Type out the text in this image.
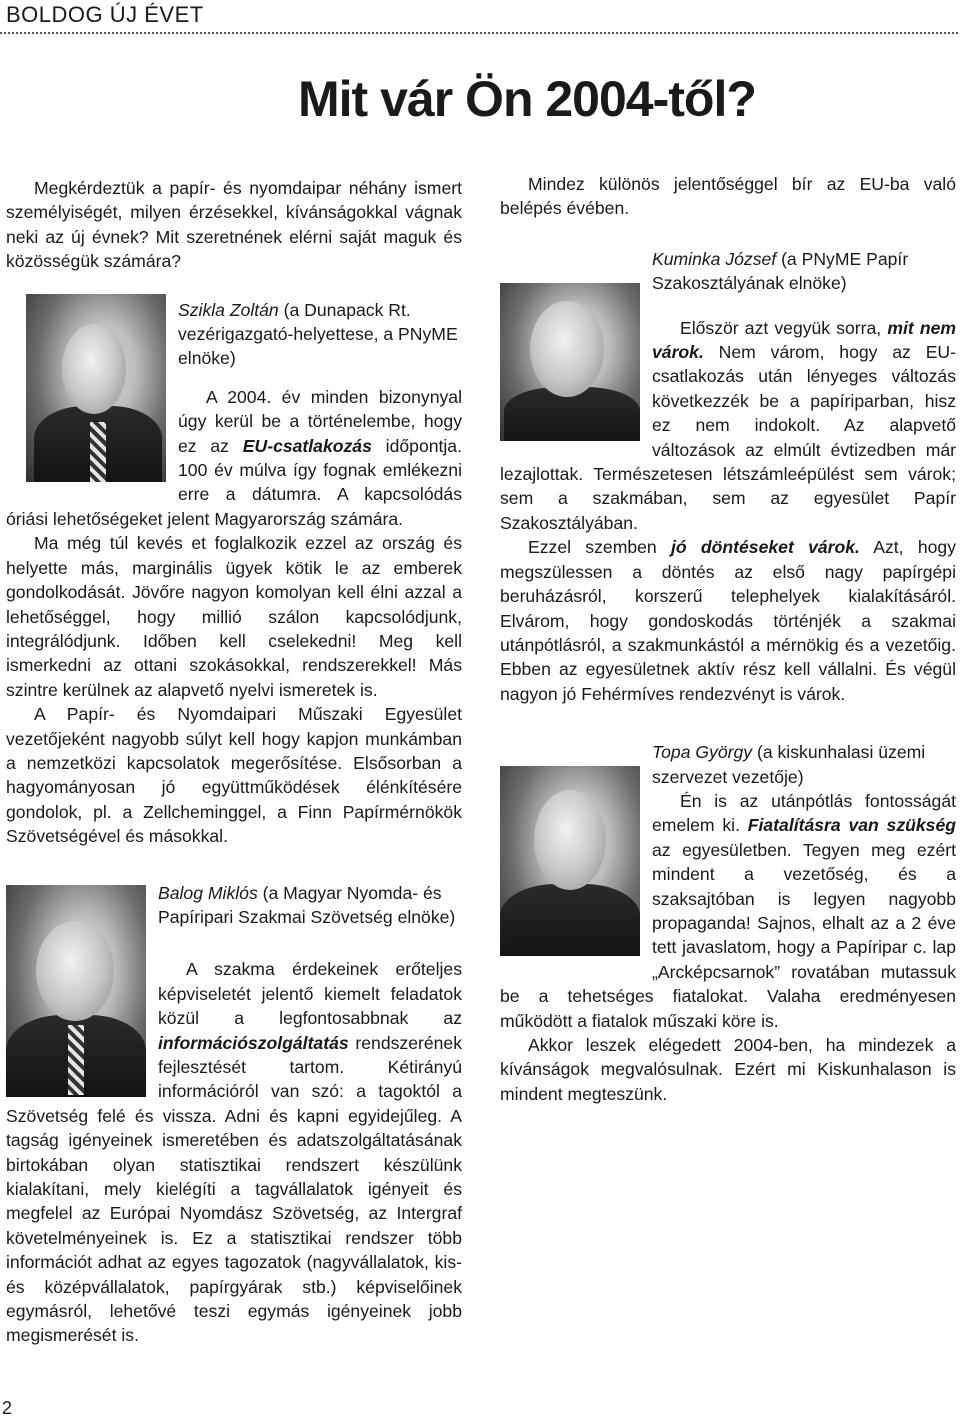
BOLDOG ÚJ ÉVET
Mit vár Ön 2004-től?

Megkérdeztük a papír- és nyomdaipar néhány ismert személyiségét, milyen érzésekkel, kívánságokkal vágnak neki az új évnek? Mit szeretnének elérni saját maguk és közösségük számára?

Szikla Zoltán (a Dunapack Rt. vezérigazgató-helyettese, a PNyME elnöke)

A 2004. év minden bizonynyal úgy kerül be a történelembe, hogy ez az EU-csatlakozás időpontja. 100 év múlva így fognak emlékezni erre a dátumra. A kapcsolódás óriási lehetőségeket jelent Magyarország számára.

Ma még túl kevés et foglalkozik ezzel az ország és helyette más, marginális ügyek kötik le az emberek gondolkodását. Jövőre nagyon komolyan kell élni azzal a lehetőséggel, hogy millió szálon kapcsolódjunk, integrálódjunk. Időben kell cselekedni! Meg kell ismerkedni az ottani szokásokkal, rendszerekkel! Más szintre kerülnek az alapvető nyelvi ismeretek is.

A Papír- és Nyomdaipari Műszaki Egyesület vezetőjeként nagyobb súlyt kell hogy kapjon munkámban a nemzetközi kapcsolatok megerősítése. Elsősorban a hagyományosan jó együttműködések élénkítésére gondolok, pl. a Zellcheminggel, a Finn Papírmérnökök Szövetségével és másokkal.

Balog Miklós (a Magyar Nyomda- és Papíripari Szakmai Szövetség elnöke)

A szakma érdekeinek erőteljes képviseletét jelentő kiemelt feladatok közül a legfontosabbnak az információszolgáltatás rendszerének fejlesztését tartom. Kétirányú információról van szó: a tagoktól a Szövetség felé és vissza. Adni és kapni egyidejűleg. A tagság igényeinek ismeretében és adatszolgáltatásának birtokában olyan statisztikai rendszert készülünk kialakítani, mely kielégíti a tagvállalatok igényeit és megfelel az Európai Nyomdász Szövetség, az Intergraf követelményeinek is. Ez a statisztikai rendszer több információt adhat az egyes tagozatok (nagyvállalatok, kis- és középvállalatok, papírgyárak stb.) képviselőinek egymásról, lehetővé teszi egymás igényeinek jobb megismerését is.

Mindez különös jelentőséggel bír az EU-ba való belépés évében.

Kuminka József (a PNyME Papír Szakosztályának elnöke)

Először azt vegyük sorra, mit nem várok. Nem várom, hogy az EU-csatlakozás után lényeges változás következzék be a papíriparban, hisz ez nem indokolt. Az alapvető változások az elmúlt évtizedben már lezajlottak. Természetesen létszámleépülést sem várok; sem a szakmában, sem az egyesület Papír Szakosztályában.

Ezzel szemben jó döntéseket várok. Azt, hogy megszülessen a döntés az első nagy papírgépi beruházásról, korszerű telephelyek kialakításáról. Elvárom, hogy gondoskodás történjék a szakmai utánpótlásról, a szakmunkástól a mérnökig és a vezetőig. Ebben az egyesületnek aktív rész kell vállalni. És végül nagyon jó Fehérmíves rendezvényt is várok.

Topa György (a kiskunhalasi üzemi szervezet vezetője)

Én is az utánpótlás fontosságát emelem ki. Fiatalításra van szükség az egyesületben. Tegyen meg ezért mindent a vezetőség, és a szaksajtóban is legyen nagyobb propaganda! Sajnos, elhalt az a 2 éve tett javaslatom, hogy a Papíripar c. lap „Arcképcsarnok” rovatában mutassuk be a tehetséges fiatalokat. Valaha eredményesen működött a fiatalok műszaki köre is.

Akkor leszek elégedett 2004-ben, ha mindezek a kívánságok megvalósulnak. Ezért mi Kiskunhalason is mindent megteszünk.

2
